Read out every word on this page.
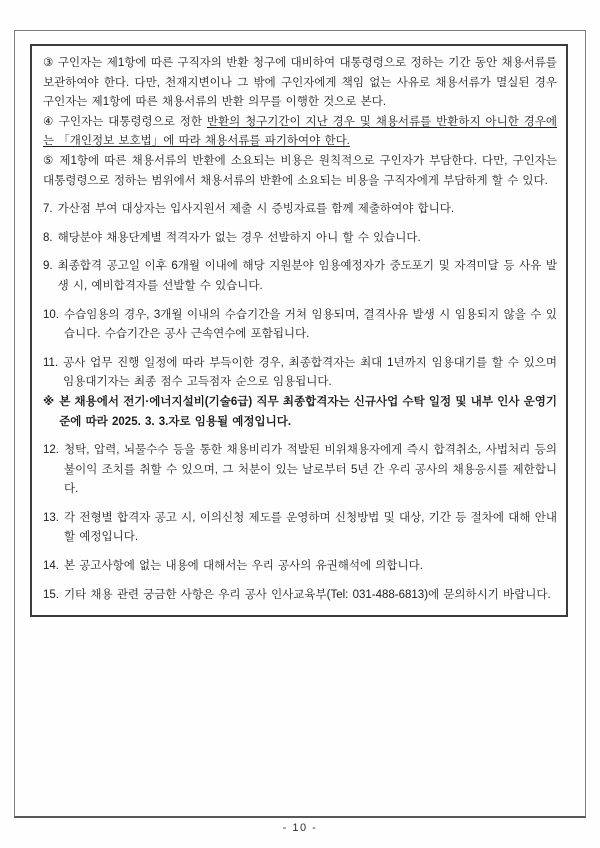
③ 구인자는 제1항에 따른 구직자의 반환 청구에 대비하여 대통령령으로 정하는 기간 동안 채용서류를 보관하여야 한다. 다만, 천재지변이나 그 밖에 구인자에게 책임 없는 사유로 채용서류가 멸실된 경우 구인자는 제1항에 따른 채용서류의 반환 의무를 이행한 것으로 본다.

④ 구인자는 대통령령으로 정한 반환의 청구기간이 지난 경우 및 채용서류를 반환하지 아니한 경우에는 「개인정보 보호법」에 따라 채용서류를 파기하여야 한다.

⑤ 제1항에 따른 채용서류의 반환에 소요되는 비용은 원칙적으로 구인자가 부담한다. 다만, 구인자는 대통령령으로 정하는 범위에서 채용서류의 반환에 소요되는 비용을 구직자에게 부담하게 할 수 있다.

7. 가산점 부여 대상자는 입사지원서 제출 시 증빙자료를 함께 제출하여야 합니다.
8. 해당분야 채용단계별 적격자가 없는 경우 선발하지 아니 할 수 있습니다.
9. 최종합격 공고일 이후 6개월 이내에 해당 지원분야 임용예정자가 중도포기 및 자격미달 등 사유 발생 시, 예비합격자를 선발할 수 있습니다.
10. 수습임용의 경우, 3개월 이내의 수습기간을 거쳐 임용되며, 결격사유 발생 시 임용되지 않을 수 있습니다. 수습기간은 공사 근속연수에 포함됩니다.
11. 공사 업무 진행 일정에 따라 부득이한 경우, 최종합격자는 최대 1년까지 임용대기를 할 수 있으며 임용대기자는 최종 점수 고득점자 순으로 임용됩니다.
※ 본 채용에서 전기·에너지설비(기술6급) 직무 최종합격자는 신규사업 수탁 일정 및 내부 인사 운영기준에 따라 2025. 3. 3.자로 임용될 예정입니다.
12. 청탁, 압력, 뇌물수수 등을 통한 채용비리가 적발된 비위채용자에게 즉시 합격취소, 사법처리 등의 불이익 조치를 취할 수 있으며, 그 처분이 있는 날로부터 5년 간 우리 공사의 채용응시를 제한합니다.
13. 각 전형별 합격자 공고 시, 이의신청 제도를 운영하며 신청방법 및 대상, 기간 등 절차에 대해 안내할 예정입니다.
14. 본 공고사항에 없는 내용에 대해서는 우리 공사의 유권해석에 의합니다.
15. 기타 채용 관련 궁금한 사항은 우리 공사 인사교육부(Tel: 031-488-6813)에 문의하시기 바랍니다.
- 10 -
